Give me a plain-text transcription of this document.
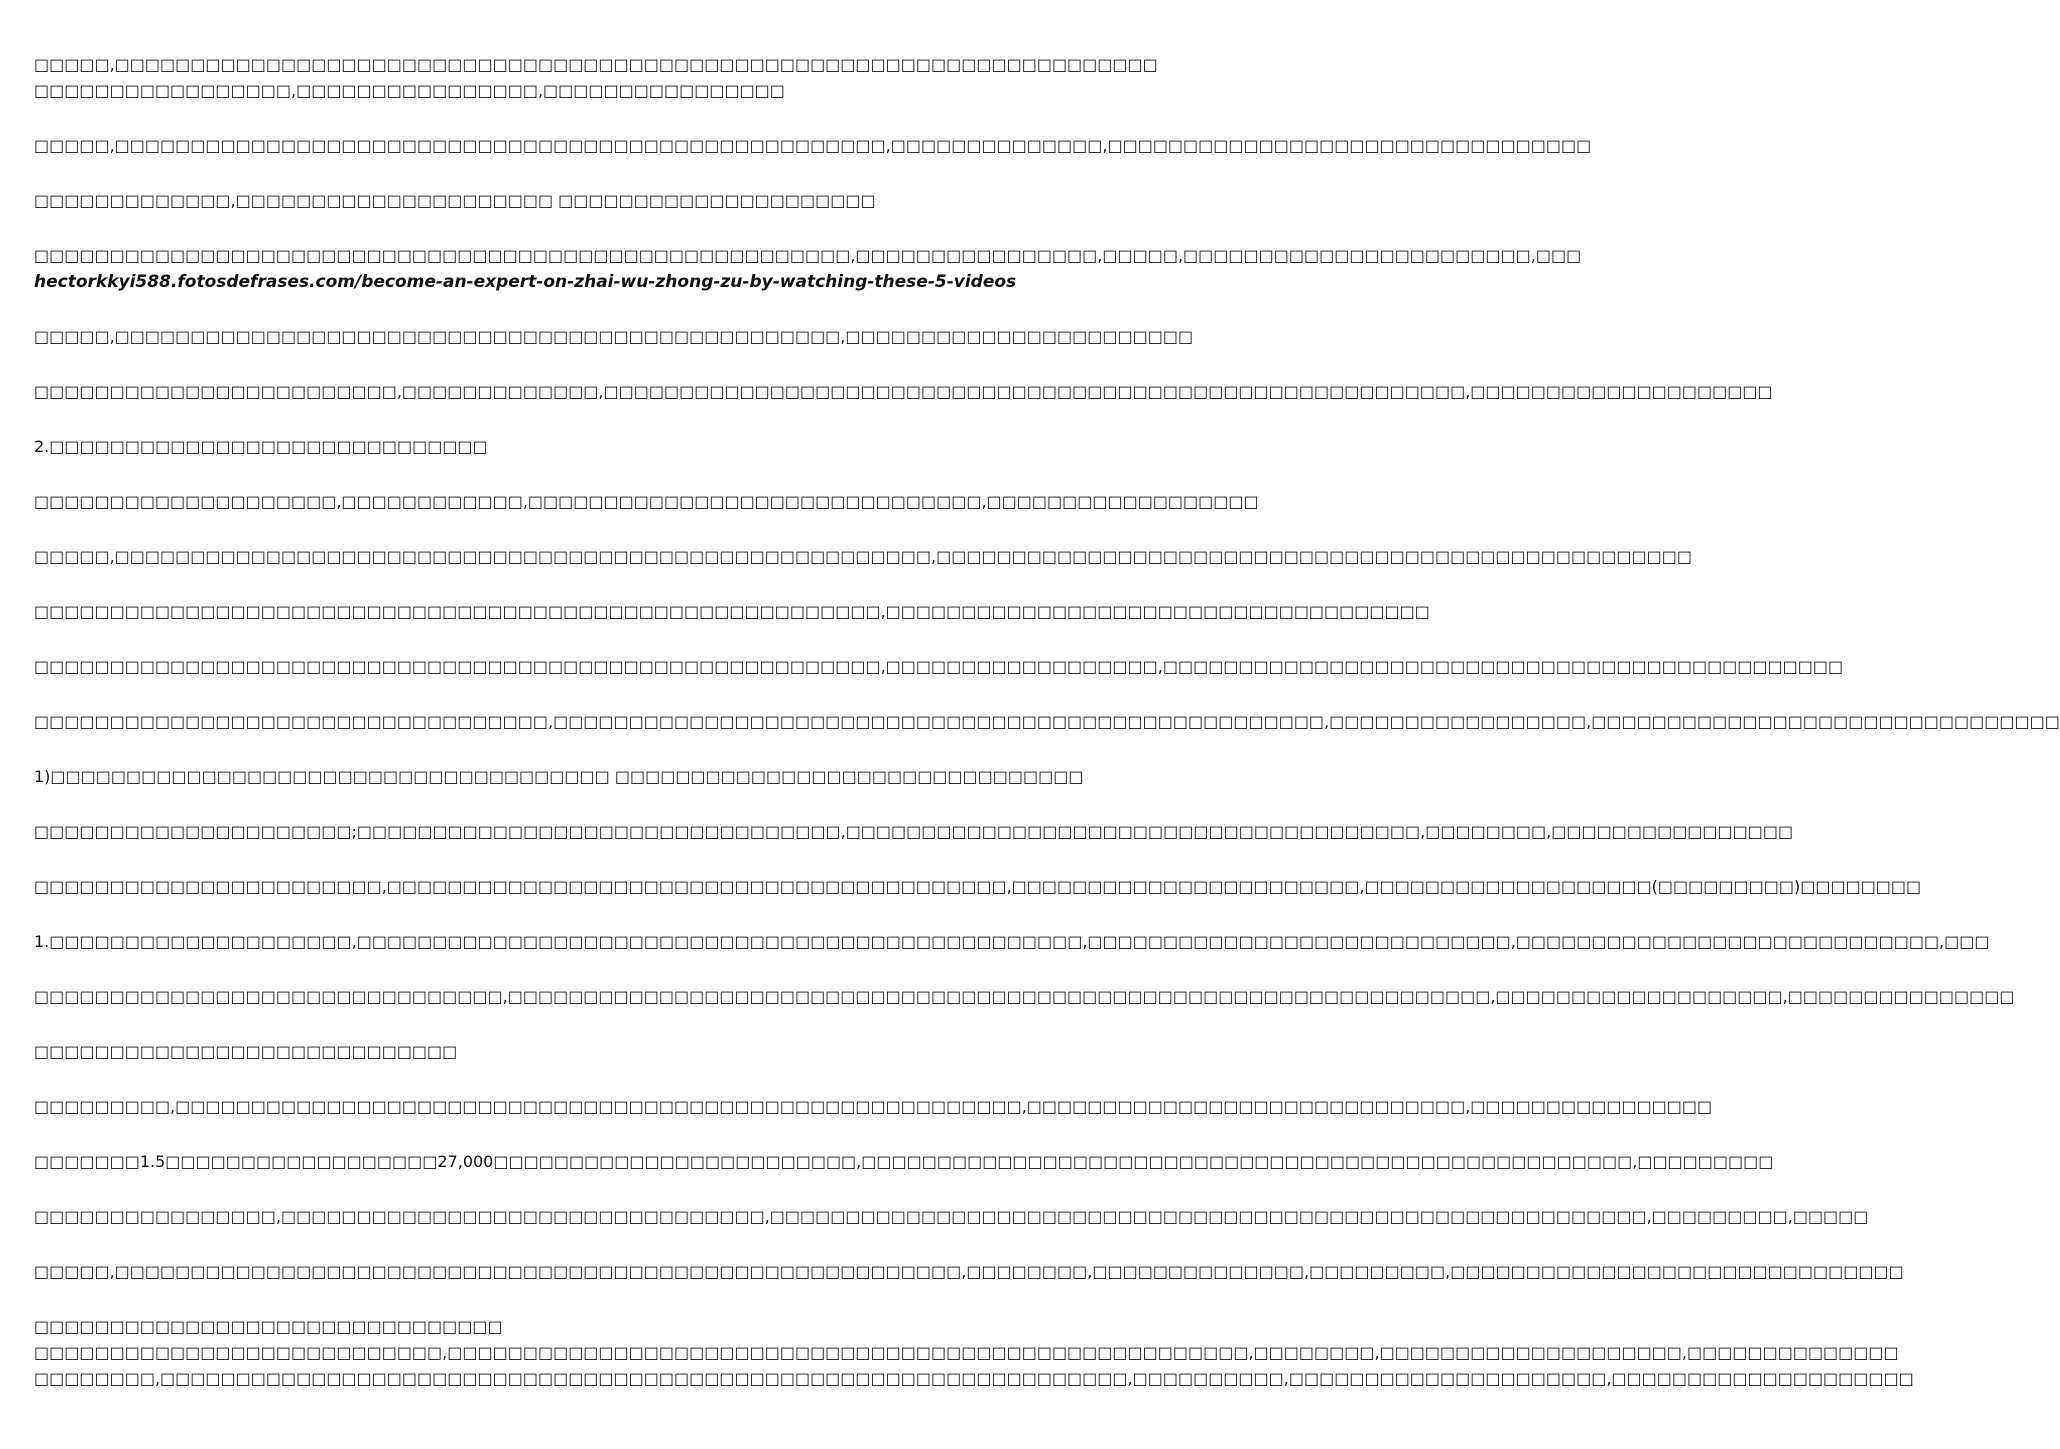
□□□□□,□□□□□□□□□□□□□□□□□□□□□□□□□□□□□□□□□□□□□□□□□□□□□□□□□□□□□□□□□□□□□□□□□□□□□
□□□□□□□□□□□□□□□□□,□□□□□□□□□□□□□□□□,□□□□□□□□□□□□□□□□
□□□□□,□□□□□□□□□□□□□□□□□□□□□□□□□□□□□□□□□□□□□□□□□□□□□□□□□□□,□□□□□□□□□□□□□□,□□□□□□□□□□□□□□□□□□□□□□□□□□□□□□□□
□□□□□□□□□□□□□,□□□□□□□□□□□□□□□□□□□□□ □□□□□□□□□□□□□□□□□□□□□
□□□□□□□□□□□□□□□□□□□□□□□□□□□□□□□□□□□□□□□□□□□□□□□□□□□□□□,□□□□□□□□□□□□□□□□,□□□□□,□□□□□□□□□□□□□□□□□□□□□□□,□□□
hectorkkyi588.fotosdefrases.com/become-an-expert-on-zhai-wu-zhong-zu-by-watching-these-5-videos
□□□□□,□□□□□□□□□□□□□□□□□□□□□□□□□□□□□□□□□□□□□□□□□□□□□□□□,□□□□□□□□□□□□□□□□□□□□□□□
□□□□□□□□□□□□□□□□□□□□□□□□,□□□□□□□□□□□□□,□□□□□□□□□□□□□□□□□□□□□□□□□□□□□□□□□□□□□□□□□□□□□□□□□□□□□□□□□,□□□□□□□□□□□□□□□□□□□□
2.□□□□□□□□□□□□□□□□□□□□□□□□□□□□□
□□□□□□□□□□□□□□□□□□□□,□□□□□□□□□□□□,□□□□□□□□□□□□□□□□□□□□□□□□□□□□□□,□□□□□□□□□□□□□□□□□□
□□□□□,□□□□□□□□□□□□□□□□□□□□□□□□□□□□□□□□□□□□□□□□□□□□□□□□□□□□□□,□□□□□□□□□□□□□□□□□□□□□□□□□□□□□□□□□□□□□□□□□□□□□□□□□□
□□□□□□□□□□□□□□□□□□□□□□□□□□□□□□□□□□□□□□□□□□□□□□□□□□□□□□□□,□□□□□□□□□□□□□□□□□□□□□□□□□□□□□□□□□□□□
□□□□□□□□□□□□□□□□□□□□□□□□□□□□□□□□□□□□□□□□□□□□□□□□□□□□□□□□,□□□□□□□□□□□□□□□□□□,□□□□□□□□□□□□□□□□□□□□□□□□□□□□□□□□□□□□□□□□□□□□□
□□□□□□□□□□□□□□□□□□□□□□□□□□□□□□□□□□,□□□□□□□□□□□□□□□□□□□□□□□□□□□□□□□□□□□□□□□□□□□□□□□□□□□,□□□□□□□□□□□□□□□□□,□□□□□□□□□□□□□□□□□□□□□□□□□□□□□□□
1)□□□□□□□□□□□□□□□□□□□□□□□□□□□□□□□□□□□□□ □□□□□□□□□□□□□□□□□□□□□□□□□□□□□□□
□□□□□□□□□□□□□□□□□□□□□;□□□□□□□□□□□□□□□□□□□□□□□□□□□□□□□□,□□□□□□□□□□□□□□□□□□□□□□□□□□□□□□□□□□□□□□,□□□□□□□□,□□□□□□□□□□□□□□□□
□□□□□□□□□□□□□□□□□□□□□□□,□□□□□□□□□□□□□□□□□□□□□□□□□□□□□□□□□□□□□□□□□,□□□□□□□□□□□□□□□□□□□□□□□,□□□□□□□□□□□□□□□□□□□(□□□□□□□□□)□□□□□□□□
1.□□□□□□□□□□□□□□□□□□□□,□□□□□□□□□□□□□□□□□□□□□□□□□□□□□□□□□□□□□□□□□□□□□□□□,□□□□□□□□□□□□□□□□□□□□□□□□□□□□,□□□□□□□□□□□□□□□□□□□□□□□□□□□□,□□□
□□□□□□□□□□□□□□□□□□□□□□□□□□□□□□□,□□□□□□□□□□□□□□□□□□□□□□□□□□□□□□□□□□□□□□□□□□□□□□□□□□□□□□□□□□□□□□□□□,□□□□□□□□□□□□□□□□□□□,□□□□□□□□□□□□□□□
□□□□□□□□□□□□□□□□□□□□□□□□□□□□
□□□□□□□□□,□□□□□□□□□□□□□□□□□□□□□□□□□□□□□□□□□□□□□□□□□□□□□□□□□□□□□□□□,□□□□□□□□□□□□□□□□□□□□□□□□□□□□□,□□□□□□□□□□□□□□□□
□□□□□□□1.5□□□□□□□□□□□□□□□□□□27,000□□□□□□□□□□□□□□□□□□□□□□□□,□□□□□□□□□□□□□□□□□□□□□□□□□□□□□□□□□□□□□□□□□□□□□□□□□□□,□□□□□□□□□
□□□□□□□□□□□□□□□□,□□□□□□□□□□□□□□□□□□□□□□□□□□□□□□□□,□□□□□□□□□□□□□□□□□□□□□□□□□□□□□□□□□□□□□□□□□□□□□□□□□□□□□□□□□□,□□□□□□□□□,□□□□□
□□□□□,□□□□□□□□□□□□□□□□□□□□□□□□□□□□□□□□□□□□□□□□□□□□□□□□□□□□□□□□,□□□□□□□□,□□□□□□□□□□□□□□,□□□□□□□□□,□□□□□□□□□□□□□□□□□□□□□□□□□□□□□□
□□□□□□□□□□□□□□□□□□□□□□□□□□□□□□□
□□□□□□□□□□□□□□□□□□□□□□□□□□□,□□□□□□□□□□□□□□□□□□□□□□□□□□□□□□□□□□□□□□□□□□□□□□□□□□□□□,□□□□□□□□,□□□□□□□□□□□□□□□□□□□□,□□□□□□□□□□□□□□
□□□□□□□□,□□□□□□□□□□□□□□□□□□□□□□□□□□□□□□□□□□□□□□□□□□□□□□□□□□□□□□□□□□□□□□□□,□□□□□□□□□□,□□□□□□□□□□□□□□□□□□□□□,□□□□□□□□□□□□□□□□□□□□
